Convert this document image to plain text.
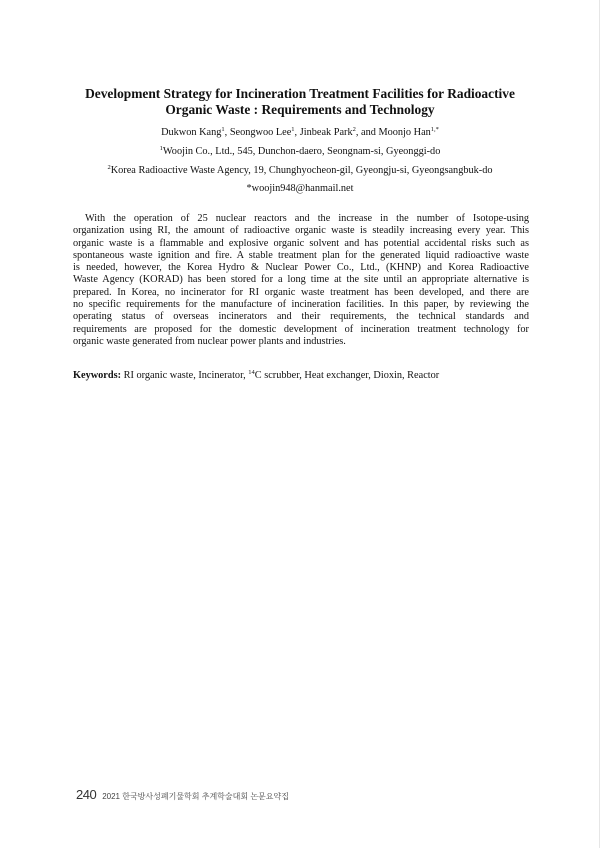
Development Strategy for Incineration Treatment Facilities for Radioactive
Organic Waste : Requirements and Technology
Dukwon Kang$^1$, Seongwoo Lee$^1$, Jinbeak Park$^2$, and Moonjo Han$^{1,*}$
$^1$Woojin Co., Ltd., 545, Dunchon-daero, Seongnam-si, Gyeonggi-do
$^2$Korea Radioactive Waste Agency, 19, Chunghyocheon-gil, Gyeongju-si, Gyeongsangbuk-do
*woojin948@hanmail.net
With the operation of 25 nuclear reactors and the increase in the number of Isotope-using
organization using RI, the amount of radioactive organic waste is steadily increasing every year. This
organic waste is a flammable and explosive organic solvent and has potential accidental risks such as
spontaneous waste ignition and fire. A stable treatment plan for the generated liquid radioactive waste
is needed, however, the Korea Hydro & Nuclear Power Co., Ltd., (KHNP) and Korea Radioactive
Waste Agency (KORAD) has been stored for a long time at the site until an appropriate alternative is
prepared. In Korea, no incinerator for RI organic waste treatment has been developed, and there are
no specific requirements for the manufacture of incineration facilities. In this paper, by reviewing the
operating status of overseas incinerators and their requirements, the technical standards and
requirements are proposed for the domestic development of incineration treatment technology for
organic waste generated from nuclear power plants and industries.
Keywords: RI organic waste, Incinerator, $^{14}$C scrubber, Heat exchanger, Dioxin, Reactor
240 2021 한국방사성폐기물학회 추계학술대회 논문요약집
